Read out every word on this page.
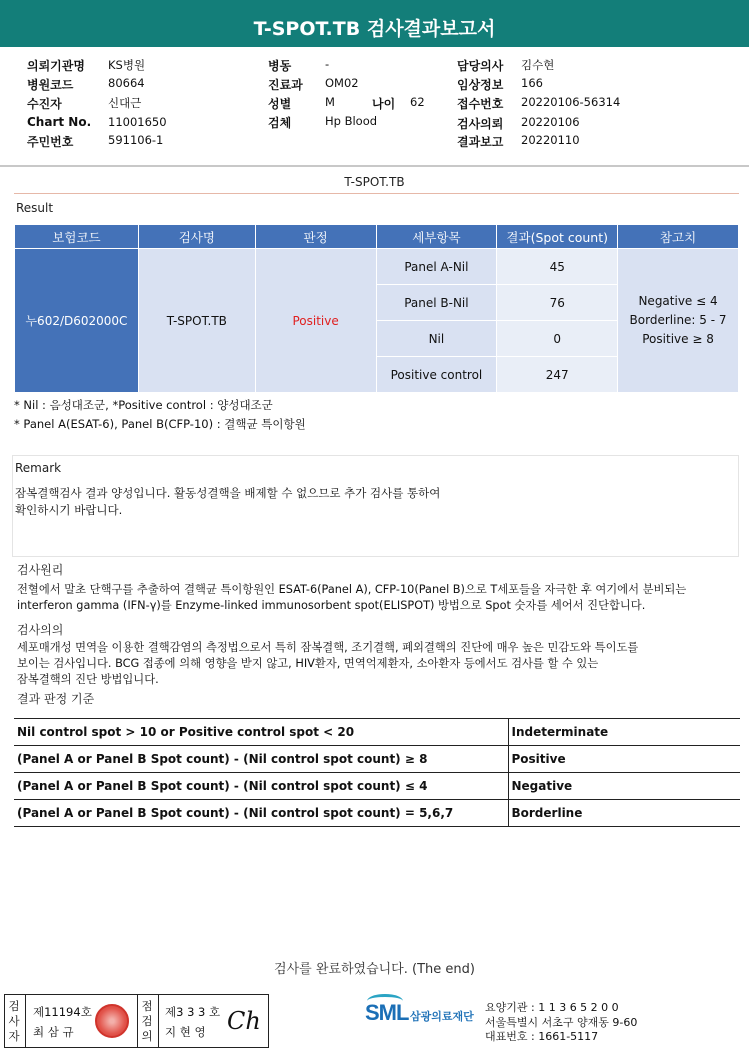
T-SPOT.TB 검사결과보고서
의뢰기관명 KS병원
병원코드	80664
수진자	신대근
Chart No. 11001650
주민번호	591106-1
병동	-
진료과 OM02
성별	M	나이 62
검체	Hp Blood
담당의사 김수현
임상정보 166
접수번호 20220106-56314
검사의뢰 20220106
결과보고 20220110
T-SPOT.TB
Result
보험코드	검사명	판정	세부항목	결과(Spot count)	참고치
누602/D602000C	T-SPOT.TB	Positive	Panel A-Nil	45	Negative ≤ 4
Borderline: 5 - 7
Positive ≥ 8

			Panel B-Nil	76	
			Nil	0	
			Positive control	247	
* Nil : 음성대조군, *Positive control : 양성대조군
* Panel A(ESAT-6), Panel B(CFP-10) : 결핵균 특이항원
Remark
잠복결핵검사 결과 양성입니다. 활동성결핵을 배제할 수 없으므로 추가 검사를 통하여
확인하시기 바랍니다.
검사원리
전혈에서 말초 단핵구를 추출하여 결핵균 특이항원인 ESAT-6(Panel A), CFP-10(Panel B)으로 T세포들을 자극한 후 여기에서 분비되는
interferon gamma (IFN-γ)를 Enzyme-linked immunosorbent spot(ELISPOT) 방법으로 Spot 숫자를 세어서 진단합니다.
검사의의
세포매개성 면역을 이용한 결핵감염의 측정법으로서 특히 잠복결핵, 조기결핵, 폐외결핵의 진단에 매우 높은 민감도와 특이도를
보이는 검사입니다. BCG 접종에 의해 영향을 받지 않고, HIV환자, 면역억제환자, 소아환자 등에서도 검사를 할 수 있는
잠복결핵의 진단 방법입니다.
결과 판정 기준
Nil control spot > 10 or Positive control spot < 20	Indeterminate
(Panel A or Panel B Spot count) - (Nil control spot count) ≥ 8	Positive
(Panel A or Panel B Spot count) - (Nil control spot count) ≤ 4	Negative
(Panel A or Panel B Spot count) - (Nil control spot count) = 5,6,7	Borderline
검사를 완료하였습니다. (The end)
검
사
자
제11194호
최 삼 규
점
검
의
제3 3 3 호
지 현 영 Ch	SML 삼광의료재단
요양기관 : 1 1 3 6 5 2 0 0
서울특별시 서초구 양재동 9-60
대표번호 : 1661-5117
